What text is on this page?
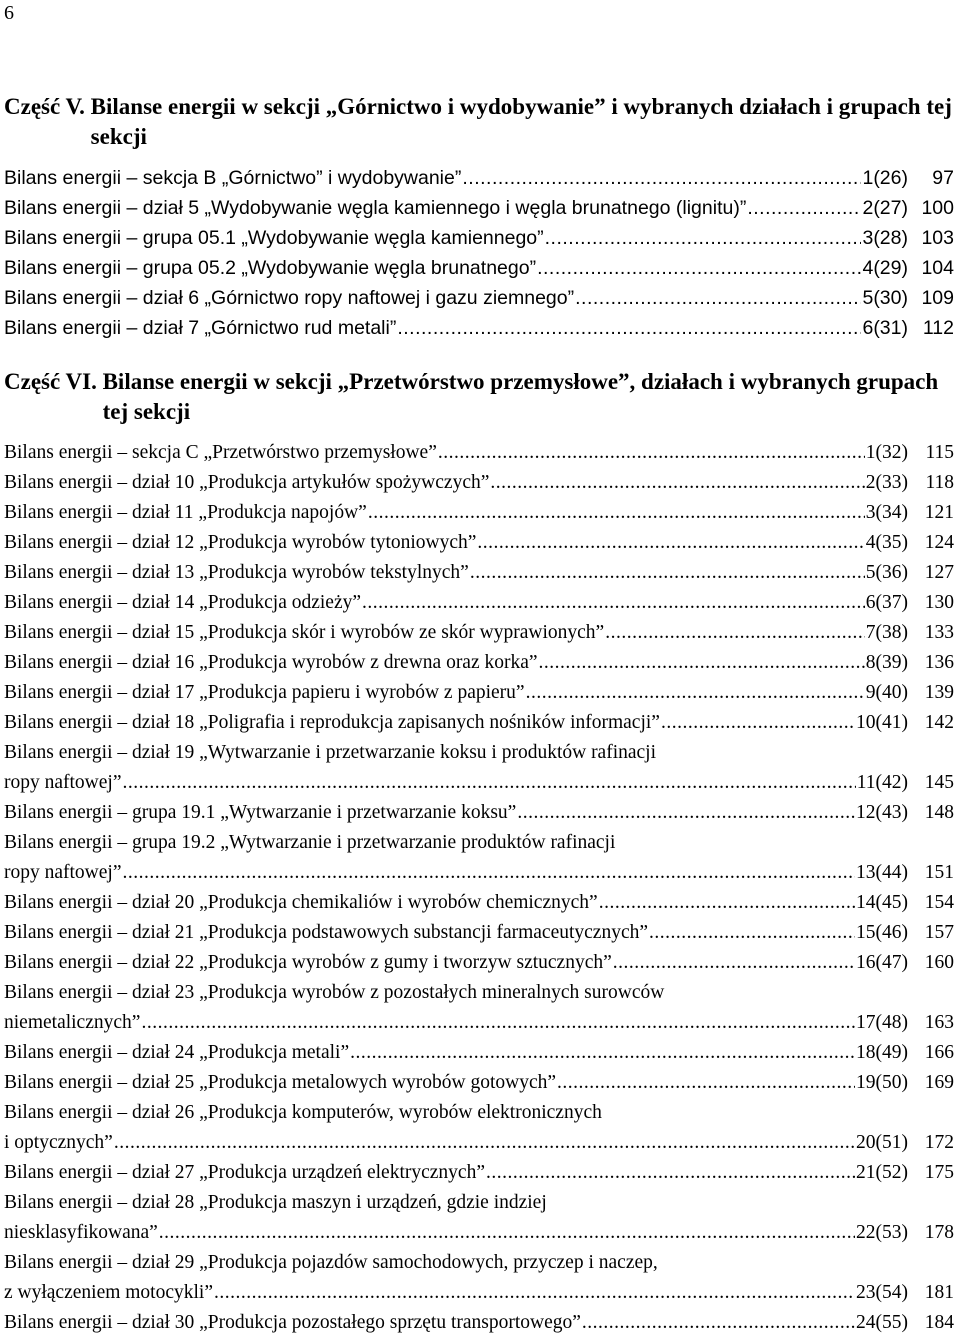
6
Część V. Bilanse energii w sekcji „Górnictwo i wydobywanie” i wybranych działach i grupach tej sekcji
Bilans energii – sekcja B „Górnictwo” i wydobywanie” .....	1(26)	97
Bilans energii – dział 5 „Wydobywanie węgla kamiennego i węgla brunatnego (lignitu)” .....	2(27) 100
Bilans energii – grupa 05.1 „Wydobywanie węgla kamiennego” .....	3(28) 103
Bilans energii – grupa 05.2 „Wydobywanie węgla brunatnego” .....	4(29) 104
Bilans energii – dział 6 „Górnictwo ropy naftowej i gazu ziemnego” .....	5(30) 109
Bilans energii – dział 7 „Górnictwo rud metali” .....	6(31) 112
Część VI. Bilanse energii w sekcji „Przetwórstwo przemysłowe”, działach i wybranych grupach tej sekcji
Bilans energii – sekcja C „Przetwórstwo przemysłowe” .....	1(32) 115
Bilans energii – dział 10 „Produkcja artykułów spożywczych” .....	2(33) 118
Bilans energii – dział 11 „Produkcja napojów” .....	3(34) 121
Bilans energii – dział 12 „Produkcja wyrobów tytoniowych” .....	4(35) 124
Bilans energii – dział 13 „Produkcja wyrobów tekstylnych” .....	5(36) 127
Bilans energii – dział 14 „Produkcja odzieży” .....	6(37) 130
Bilans energii – dział 15 „Produkcja skór i wyrobów ze skór wyprawionych” .....	7(38) 133
Bilans energii – dział 16 „Produkcja wyrobów z drewna oraz korka” .....	8(39) 136
Bilans energii – dział 17 „Produkcja papieru i wyrobów z papieru” .....	9(40) 139
Bilans energii – dział 18 „Poligrafia i reprodukcja zapisanych nośników informacji” .....	10(41) 142
Bilans energii – dział 19 „Wytwarzanie i przetwarzanie koksu i produktów rafinacji
ropy naftowej” .....	11(42) 145
Bilans energii – grupa 19.1 „Wytwarzanie i przetwarzanie koksu” .....	12(43) 148
Bilans energii – grupa 19.2 „Wytwarzanie i przetwarzanie produktów rafinacji
ropy naftowej” .....	13(44) 151
Bilans energii – dział 20 „Produkcja chemikaliów i wyrobów chemicznych” .....	14(45) 154
Bilans energii – dział 21 „Produkcja podstawowych substancji farmaceutycznych” .....	15(46) 157
Bilans energii – dział 22 „Produkcja wyrobów z gumy i tworzyw sztucznych” .....	16(47) 160
Bilans energii – dział 23 „Produkcja wyrobów z pozostałych mineralnych surowców
niemetalicznych” .....	17(48) 163
Bilans energii – dział 24 „Produkcja metali” .....	18(49) 166
Bilans energii – dział 25 „Produkcja metalowych wyrobów gotowych” .....	19(50) 169
Bilans energii – dział 26 „Produkcja komputerów, wyrobów elektronicznych
i optycznych” .....	20(51) 172
Bilans energii – dział 27 „Produkcja urządzeń elektrycznych” .....	21(52) 175
Bilans energii – dział 28 „Produkcja maszyn i urządzeń, gdzie indziej
niesklasyfikowana” .....	22(53) 178
Bilans energii – dział 29 „Produkcja pojazdów samochodowych, przyczep i naczep,
z wyłączeniem motocykli” .....	23(54) 181
Bilans energii – dział 30 „Produkcja pozostałego sprzętu transportowego” .....	24(55) 184
